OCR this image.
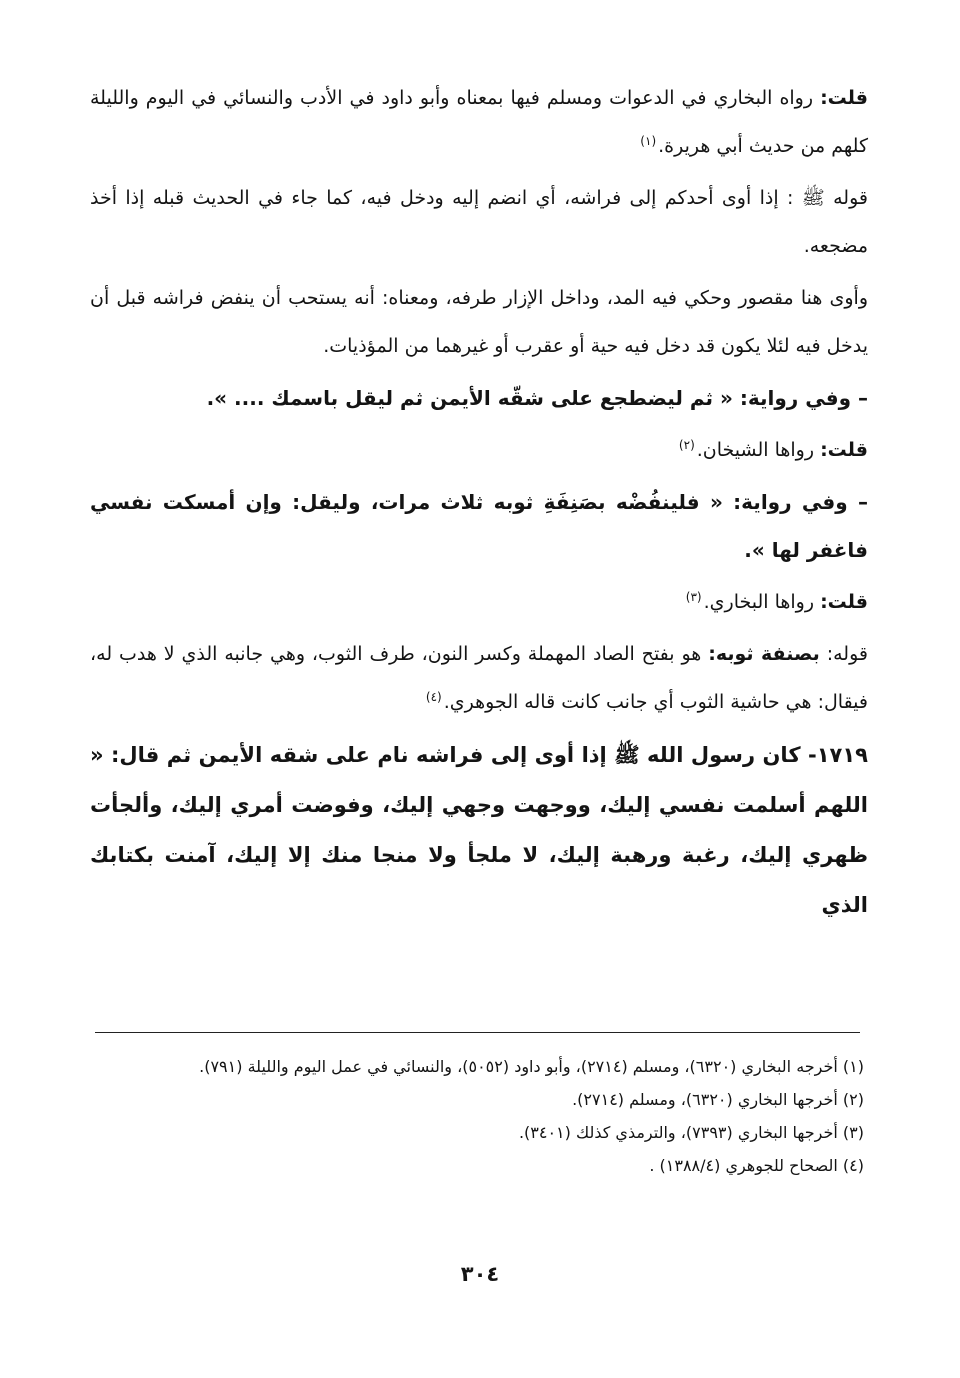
قلت: رواه البخاري في الدعوات ومسلم فيها بمعناه وأبو داود في الأدب والنسائي في اليوم والليلة كلهم من حديث أبي هريرة.$^{(١)}$

قوله ﷺ : إذا أوى أحدكم إلى فراشه، أي انضم إليه ودخل فيه، كما جاء في الحديث قبله إذا أخذ مضجعه.

وأوى هنا مقصور وحكي فيه المد، وداخل الإزار طرفه، ومعناه: أنه يستحب أن ينفض فراشه قبل أن يدخل فيه لئلا يكون قد دخل فيه حية أو عقرب أو غيرهما من المؤذيات.

– وفي رواية: « ثم ليضطجع على شقّه الأيمن ثم ليقل باسمك .... ».

قلت: رواها الشيخان.$^{(٢)}$

– وفي رواية: « فلينفُضْه بصَنِفَةِ ثوبه ثلاث مرات، وليقل: وإن أمسكت نفسي فاغفر لها ».

قلت: رواها البخاري.$^{(٣)}$

قوله: بصنفة ثوبه: هو بفتح الصاد المهملة وكسر النون، طرف الثوب، وهي جانبه الذي لا هدب له، فيقال: هي حاشية الثوب أي جانب كانت قاله الجوهري.$^{(٤)}$

١٧١٩- كان رسول الله ﷺ إذا أوى إلى فراشه نام على شقه الأيمن ثم قال: « اللهم أسلمت نفسي إليك، ووجهت وجهي إليك، وفوضت أمري إليك، وألجأت ظهري إليك، رغبة ورهبة إليك، لا ملجأ ولا منجا منك إلا إليك، آمنت بكتابك الذي

(١) أخرجه البخاري (٦٣٢٠)، ومسلم (٢٧١٤)، وأبو داود (٥٠٥٢)، والنسائي في عمل اليوم والليلة (٧٩١).

(٢) أخرجها البخاري (٦٣٢٠)، ومسلم (٢٧١٤).

(٣) أخرجها البخاري (٧٣٩٣)، والترمذي كذلك (٣٤٠١).

(٤) الصحاح للجوهري (١٣٨٨/٤) .

٣٠٤
